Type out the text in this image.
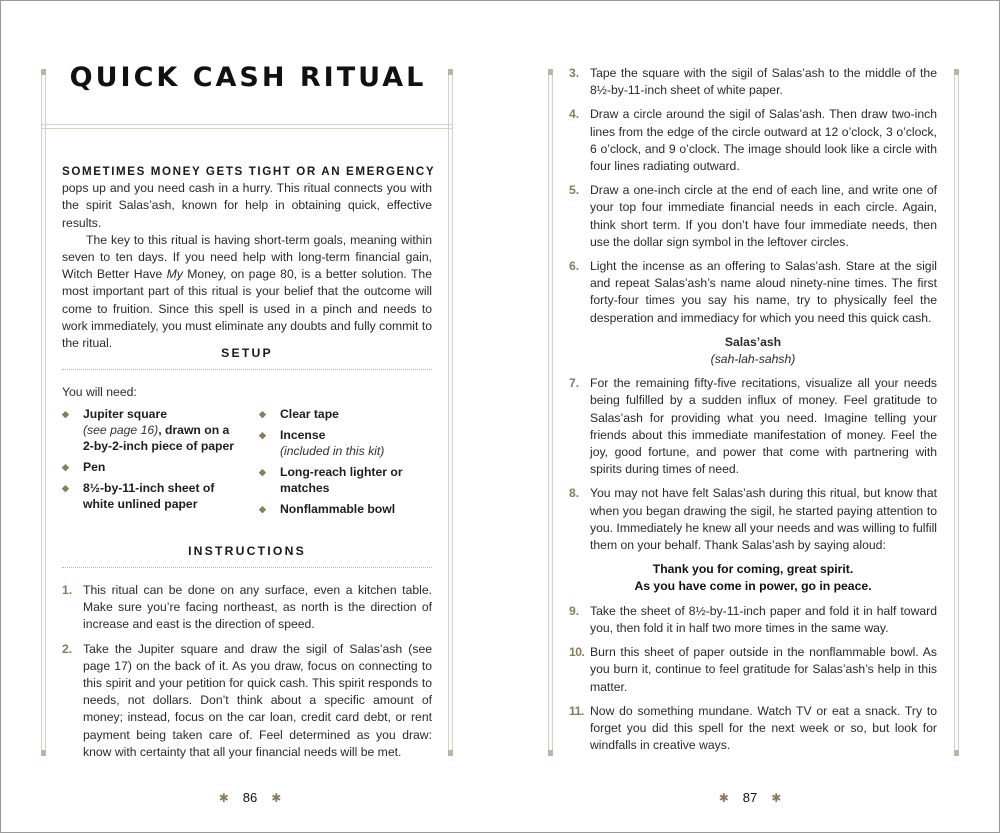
QUICK CASH RITUAL

SOMETIMES MONEY GETS TIGHT OR AN EMERGENCY
pops up and you need cash in a hurry. This ritual connects you with the spirit Salas’ash, known for help in obtaining quick, effective results.

The key to this ritual is having short-term goals, meaning within seven to ten days. If you need help with long-term financial gain, Witch Better Have My Money, on page 80, is a better solution. The most important part of this ritual is your belief that the outcome will come to fruition. Since this spell is used in a pinch and needs to work immediately, you must eliminate any doubts and fully commit to the ritual.

SETUP
You will need:
◆ Jupiter square
(see page 16), drawn on a 2-by-2-inch piece of paper
◆ Pen
◆ 8½-by-11-inch sheet of white unlined paper
◆ Clear tape
◆ Incense
(included in this kit)
◆ Long-reach lighter or matches
◆ Nonflammable bowl
INSTRUCTIONS
1. This ritual can be done on any surface, even a kitchen table. Make sure you’re facing northeast, as north is the direction of increase and east is the direction of speed.
2. Take the Jupiter square and draw the sigil of Salas’ash (see page 17) on the back of it. As you draw, focus on connecting to this spirit and your petition for quick cash. This spirit responds to needs, not dollars. Don’t think about a specific amount of money; instead, focus on the car loan, credit card debt, or rent payment being taken care of. Feel determined as you draw: know with certainty that all your financial needs will be met.
✱ 86 ✱
3. Tape the square with the sigil of Salas’ash to the middle of the 8½-by-11-inch sheet of white paper.
4. Draw a circle around the sigil of Salas’ash. Then draw two-inch lines from the edge of the circle outward at 12 o’clock, 3 o’clock, 6 o’clock, and 9 o’clock. The image should look like a circle with four lines radiating outward.
5. Draw a one-inch circle at the end of each line, and write one of your top four immediate financial needs in each circle. Again, think short term. If you don’t have four immediate needs, then use the dollar sign symbol in the leftover circles.
6. Light the incense as an offering to Salas’ash. Stare at the sigil and repeat Salas’ash’s name aloud ninety-nine times. The first forty-four times you say his name, try to physically feel the desperation and immediacy for which you need this quick cash.
Salas’ash
(sah-lah-sahsh)
7. For the remaining fifty-five recitations, visualize all your needs being fulfilled by a sudden influx of money. Feel gratitude to Salas’ash for providing what you need. Imagine telling your friends about this immediate manifestation of money. Feel the joy, good fortune, and power that come with partnering with spirits during times of need.
8. You may not have felt Salas’ash during this ritual, but know that when you began drawing the sigil, he started paying attention to you. Immediately he knew all your needs and was willing to fulfill them on your behalf. Thank Salas’ash by saying aloud:
Thank you for coming, great spirit.
As you have come in power, go in peace.
9. Take the sheet of 8½-by-11-inch paper and fold it in half toward you, then fold it in half two more times in the same way.
10. Burn this sheet of paper outside in the nonflammable bowl. As you burn it, continue to feel gratitude for Salas’ash’s help in this matter.
11. Now do something mundane. Watch TV or eat a snack. Try to forget you did this spell for the next week or so, but look for windfalls in creative ways.
✱ 87 ✱
